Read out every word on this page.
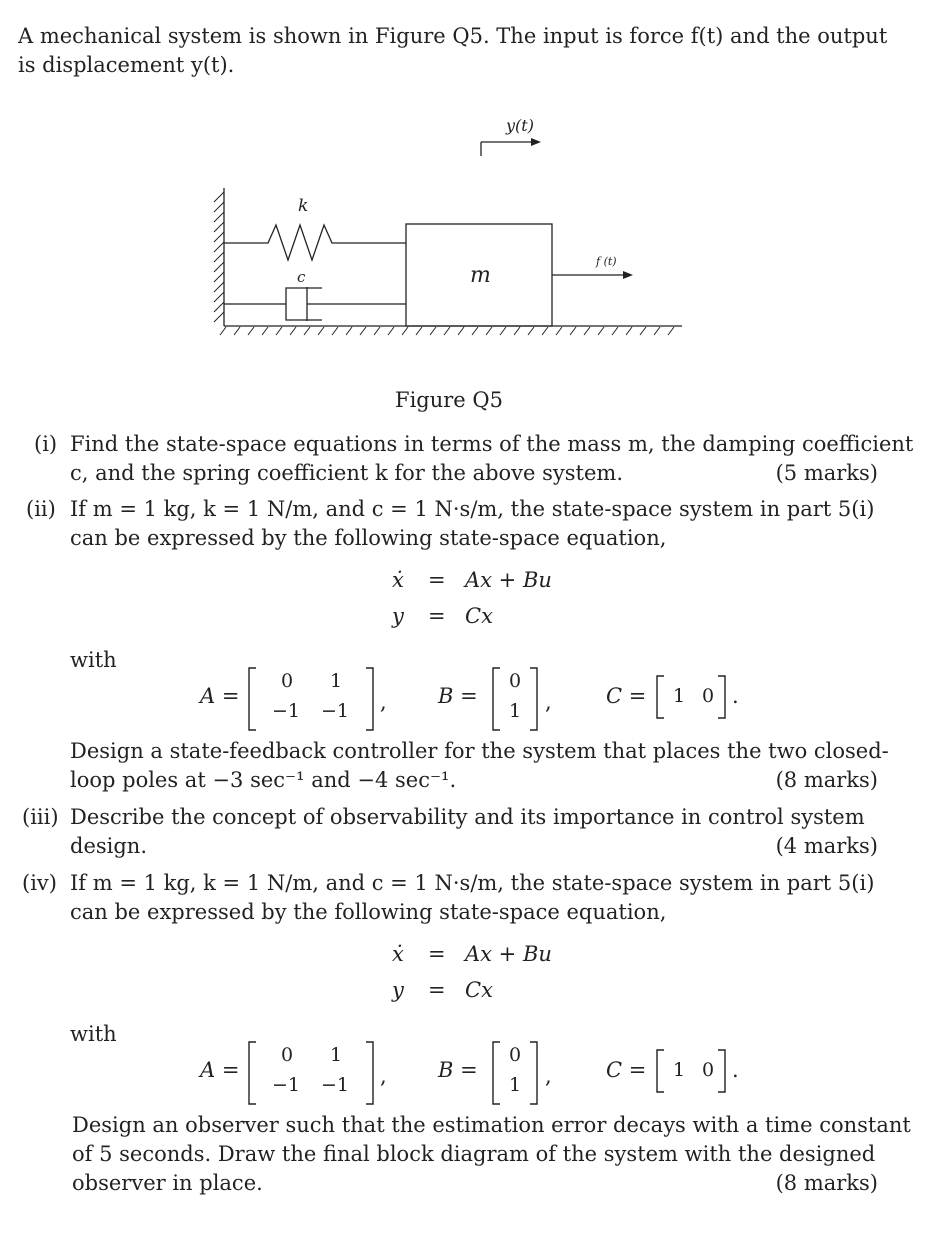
A mechanical system is shown in Figure Q5. The input is force f(t) and the output
is displacement y(t).
y(t)
k
c	m
f (t)
Figure Q5
(i) Find the state-space equations in terms of the mass m, the damping coefficient
c, and the spring coefficient k for the above system.	(5 marks)
(ii) If m = 1 kg, k = 1 N/m, and c = 1 N·s/m, the state-space system in part 5(i)
can be expressed by the following state-space equation,
ẋ = Ax + Bu
y = Cx
with
A =
0 1
−1 −1 , B =
0
1 ,	C = 1 0 .
Design a state-feedback controller for the system that places the two closed-
loop poles at −3 sec⁻¹ and −4 sec⁻¹.	(8 marks)
(iii) Describe the concept of observability and its importance in control system
design.	(4 marks)
(iv) If m = 1 kg, k = 1 N/m, and c = 1 N·s/m, the state-space system in part 5(i)
can be expressed by the following state-space equation,
ẋ = Ax + Bu
y = Cx
with
A =
0 1
−1 −1 , B =
0
1 ,	C = 1 0 .
Design an observer such that the estimation error decays with a time constant
of 5 seconds. Draw the final block diagram of the system with the designed
observer in place.	(8 marks)
